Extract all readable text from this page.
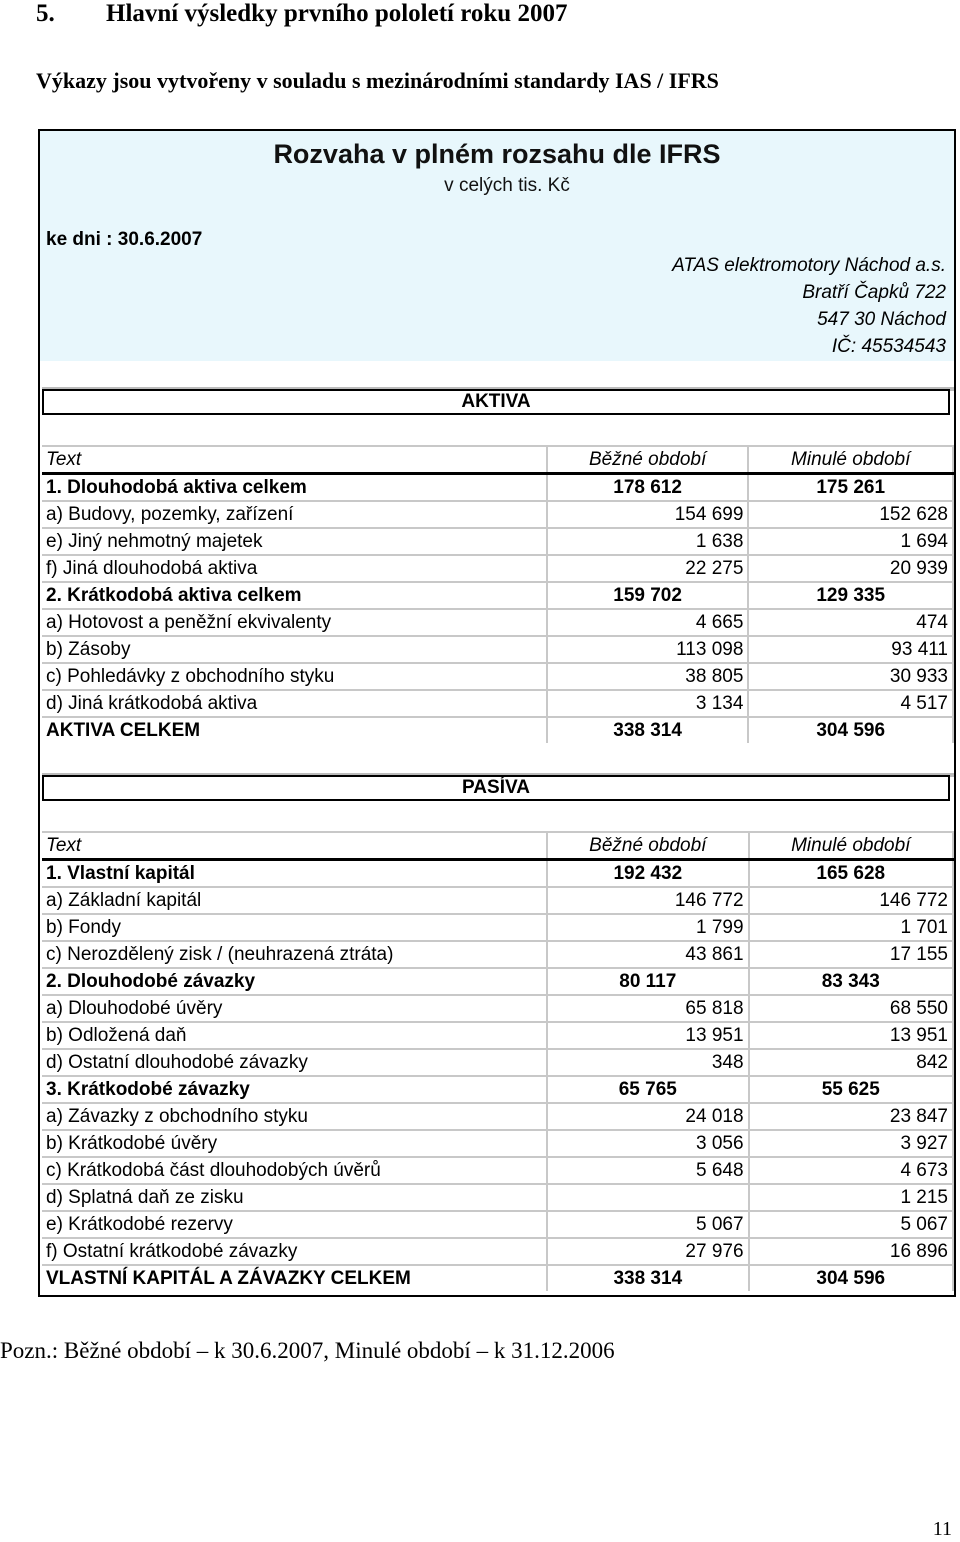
5. Hlavní výsledky prvního pololetí roku 2007
Výkazy jsou vytvořeny v souladu s mezinárodními standardy IAS / IFRS
Rozvaha v plném rozsahu dle IFRS
v celých tis. Kč
ke dni : 30.6.2007
ATAS elektromotory Náchod a.s.
Bratří Čapků 722
547 30 Náchod
IČ: 45534543
AKTIVA
Text	Běžné období	Minulé období
1. Dlouhodobá aktiva celkem	178 612	175 261
a) Budovy, pozemky, zařízení	154 699	152 628
e) Jiný nehmotný majetek	1 638	1 694
f) Jiná dlouhodobá aktiva	22 275	20 939
2. Krátkodobá aktiva celkem	159 702	129 335
a) Hotovost a peněžní ekvivalenty	4 665	474
b) Zásoby	113 098	93 411
c) Pohledávky z obchodního styku	38 805	30 933
d) Jiná krátkodobá aktiva	3 134	4 517
AKTIVA CELKEM	338 314	304 596
PASÍVA
Text	Běžné období	Minulé období
1. Vlastní kapitál	192 432	165 628
a) Základní kapitál	146 772	146 772
b) Fondy	1 799	1 701
c) Nerozdělený zisk / (neuhrazená ztráta)	43 861	17 155
2. Dlouhodobé závazky	80 117	83 343
a) Dlouhodobé úvěry	65 818	68 550
b) Odložená daň	13 951	13 951
d) Ostatní dlouhodobé závazky	348	842
3. Krátkodobé závazky	65 765	55 625
a) Závazky z obchodního styku	24 018	23 847
b) Krátkodobé úvěry	3 056	3 927
c) Krátkodobá část dlouhodobých úvěrů	5 648	4 673
d) Splatná daň ze zisku		1 215
e) Krátkodobé rezervy	5 067	5 067
f) Ostatní krátkodobé závazky	27 976	16 896
VLASTNÍ KAPITÁL A ZÁVAZKY CELKEM	338 314	304 596
Pozn.: Běžné období – k 30.6.2007, Minulé období – k 31.12.2006
11
